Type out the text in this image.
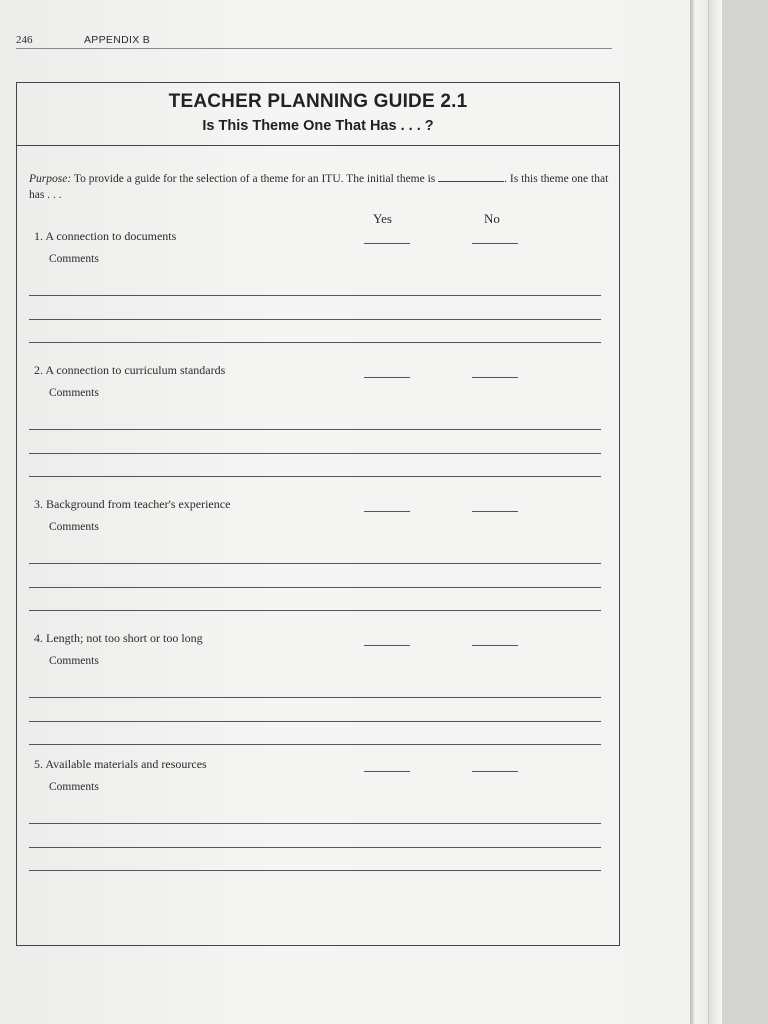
246	APPENDIX B
TEACHER PLANNING GUIDE 2.1
Is This Theme One That Has . . . ?
Purpose: To provide a guide for the selection of a theme for an ITU. The initial theme is	. Is this theme one that has . . .
Yes	No
1. A connection to documents
Comments
2. A connection to curriculum standards
Comments
3. Background from teacher's experience
Comments
4. Length; not too short or too long
Comments
5. Available materials and resources
Comments
